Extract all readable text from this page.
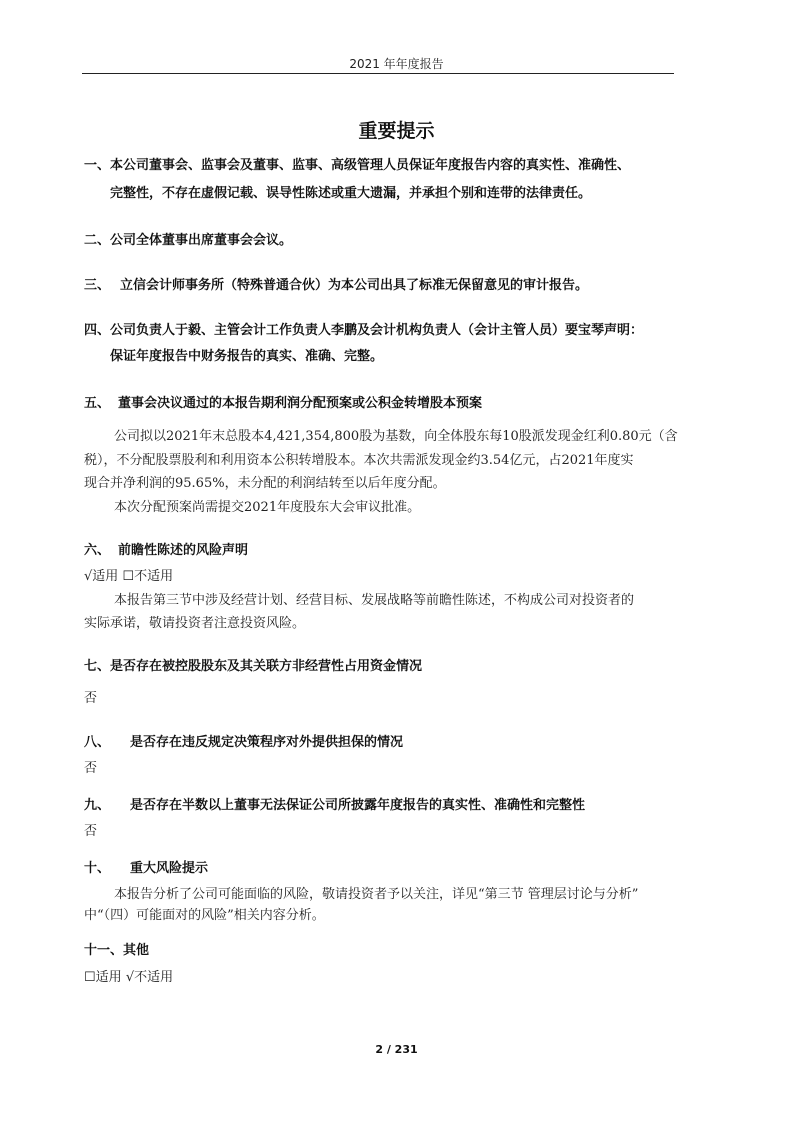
2021 年年度报告
重要提示
一、本公司董事会、监事会及董事、监事、高级管理人员保证年度报告内容的真实性、准确性、
完整性，不存在虚假记载、误导性陈述或重大遗漏，并承担个别和连带的法律责任。
二、公司全体董事出席董事会会议。
三、 立信会计师事务所（特殊普通合伙）为本公司出具了标准无保留意见的审计报告。
四、公司负责人于毅、主管会计工作负责人李鹏及会计机构负责人（会计主管人员）要宝琴声明：
保证年度报告中财务报告的真实、准确、完整。
五、 董事会决议通过的本报告期利润分配预案或公积金转增股本预案
公司拟以2021年末总股本4,421,354,800股为基数，向全体股东每10股派发现金红利0.80元（含
税），不分配股票股利和利用资本公积转增股本。本次共需派发现金约3.54亿元，占2021年度实
现合并净利润的95.65%，未分配的利润结转至以后年度分配。
本次分配预案尚需提交2021年度股东大会审议批准。
六、 前瞻性陈述的风险声明
√适用 ☐不适用
本报告第三节中涉及经营计划、经营目标、发展战略等前瞻性陈述，不构成公司对投资者的
实际承诺，敬请投资者注意投资风险。
七、是否存在被控股股东及其关联方非经营性占用资金情况
否
八、 是否存在违反规定决策程序对外提供担保的情况
否
九、 是否存在半数以上董事无法保证公司所披露年度报告的真实性、准确性和完整性
否
十、 重大风险提示
本报告分析了公司可能面临的风险，敬请投资者予以关注，详见“第三节 管理层讨论与分析”
中“（四）可能面对的风险”相关内容分析。
十一、其他
☐适用 √不适用
2 / 231
